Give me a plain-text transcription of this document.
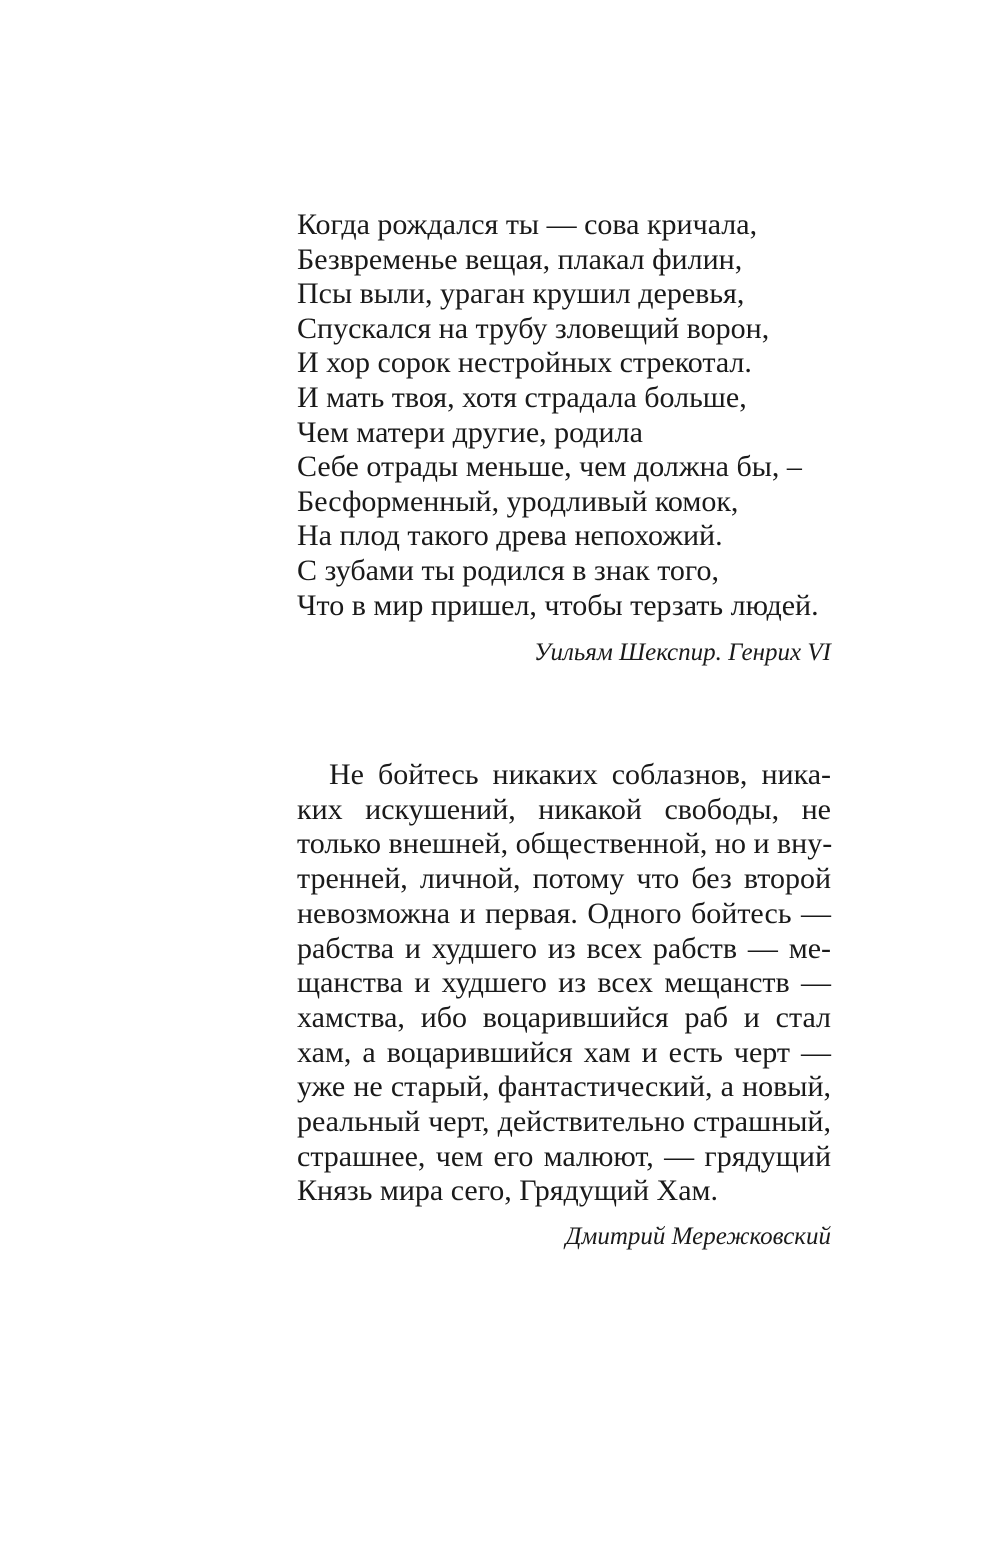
Когда рождался ты — сова кричала,
Безвременье вещая, плакал филин,
Псы выли, ураган крушил деревья,
Спускался на трубу зловещий ворон,
И хор сорок нестройных стрекотал.
И мать твоя, хотя страдала больше,
Чем матери другие, родила
Себе отрады меньше, чем должна бы, –
Бесформенный, уродливый комок,
На плод такого древа непохожий.
С зубами ты родился в знак того,
Что в мир пришел, чтобы терзать людей.
Уильям Шекспир. Генрих VI
Не бойтесь никаких соблазнов, ника-
ких искушений, никакой свободы, не
только внешней, общественной, но и вну-
тренней, личной, потому что без второй
невозможна и первая. Одного бойтесь —
рабства и худшего из всех рабств — ме-
щанства и худшего из всех мещанств —
хамства, ибо воцарившийся раб и стал
хам, а воцарившийся хам и есть черт —
уже не старый, фантастический, а новый,
реальный черт, действительно страшный,
страшнее, чем его малюют, — грядущий
Князь мира сего, Грядущий Хам.
Дмитрий Мережковский
